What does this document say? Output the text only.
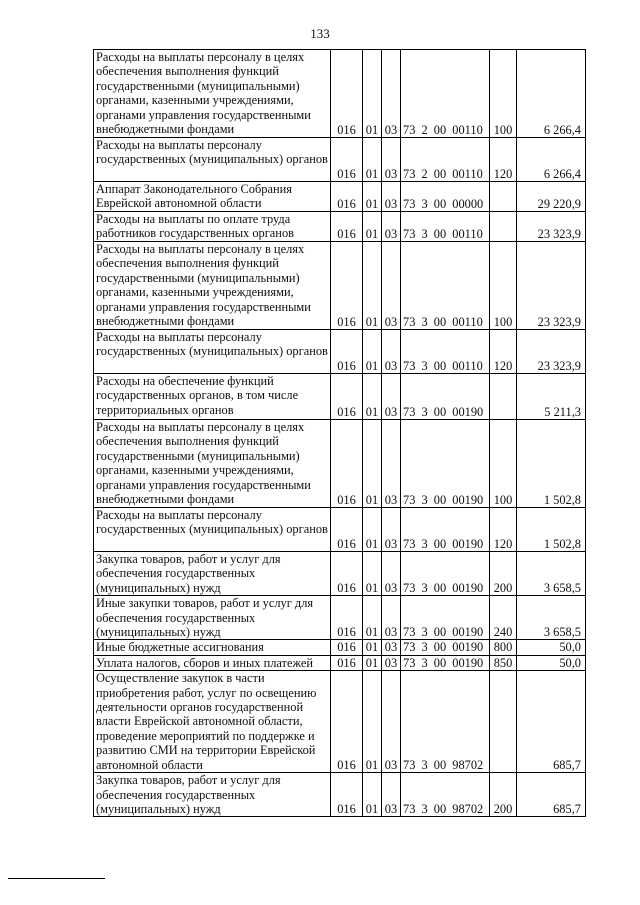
133
Расходы на выплаты персоналу в целях обеспечения выполнения функций государственными (муниципальными) органами, казенными учреждениями, органами управления государственными внебюджетными фондами	016	01	03	73 2 00 00110	100	6 266,4
Расходы на выплаты персоналу государственных (муниципальных) органов	016	01	03	73 2 00 00110	120	6 266,4
Аппарат Законодательного Собрания Еврейской автономной области	016	01	03	73 3 00 00000		29 220,9
Расходы на выплаты по оплате труда работников государственных органов	016	01	03	73 3 00 00110		23 323,9
Расходы на выплаты персоналу в целях обеспечения выполнения функций государственными (муниципальными) органами, казенными учреждениями, органами управления государственными внебюджетными фондами	016	01	03	73 3 00 00110	100	23 323,9
Расходы на выплаты персоналу государственных (муниципальных) органов	016	01	03	73 3 00 00110	120	23 323,9
Расходы на обеспечение функций государственных органов, в том числе территориальных органов	016	01	03	73 3 00 00190		5 211,3
Расходы на выплаты персоналу в целях обеспечения выполнения функций государственными (муниципальными) органами, казенными учреждениями, органами управления государственными внебюджетными фондами	016	01	03	73 3 00 00190	100	1 502,8
Расходы на выплаты персоналу государственных (муниципальных) органов	016	01	03	73 3 00 00190	120	1 502,8
Закупка товаров, работ и услуг для обеспечения государственных (муниципальных) нужд	016	01	03	73 3 00 00190	200	3 658,5
Иные закупки товаров, работ и услуг для обеспечения государственных (муниципальных) нужд	016	01	03	73 3 00 00190	240	3 658,5
Иные бюджетные ассигнования	016	01	03	73 3 00 00190	800	50,0
Уплата налогов, сборов и иных платежей	016	01	03	73 3 00 00190	850	50,0
Осуществление закупок в части приобретения работ, услуг по освещению деятельности органов государственной власти Еврейской автономной области, проведение мероприятий по поддержке и развитию СМИ на территории Еврейской автономной области	016	01	03	73 3 00 98702		685,7
Закупка товаров, работ и услуг для обеспечения государственных (муниципальных) нужд	016	01	03	73 3 00 98702	200	685,7
